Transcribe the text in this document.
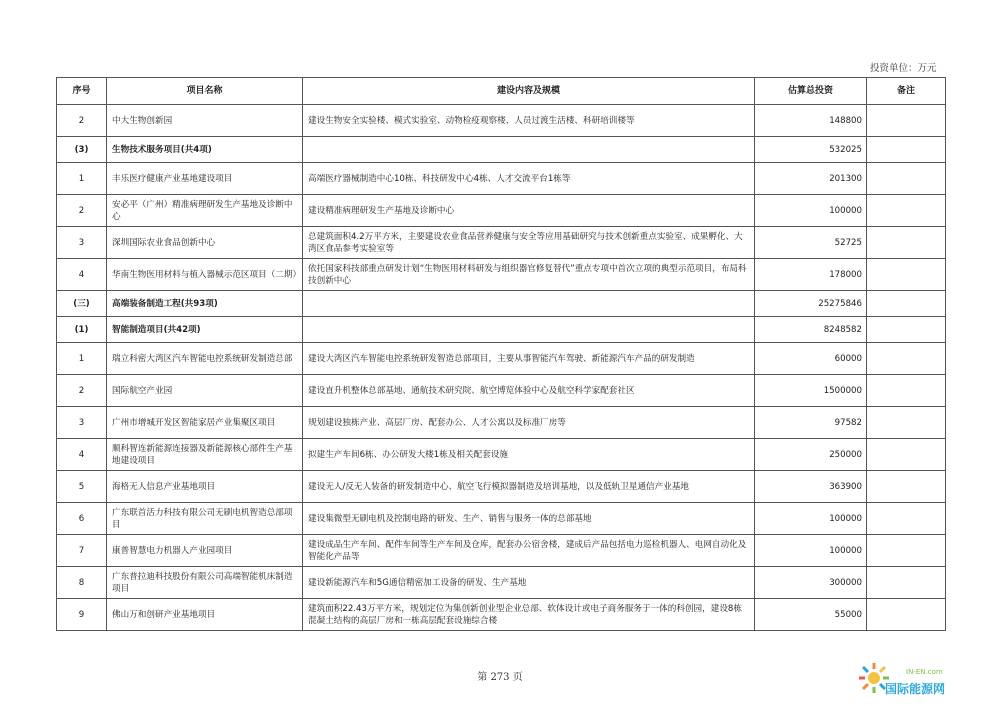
投资单位：万元
序号	项目名称	建设内容及规模	估算总投资	备注
2	中大生物创新园	建设生物安全实验楼、模式实验室、动物检疫观察楼、人员过渡生活楼、科研培训楼等	148800	
(3)	生物技术服务项目(共4项)		532025	
1	丰乐医疗健康产业基地建设项目	高端医疗器械制造中心10栋、科技研发中心4栋、人才交流平台1栋等	201300	
2	安必平（广州）精准病理研发生产基地及诊断中心	建设精准病理研发生产基地及诊断中心	100000	
3	深圳国际农业食品创新中心	总建筑面积4.2万平方米，主要建设农业食品营养健康与安全等应用基础研究与技术创新重点实验室、成果孵化、大湾区食品参考实验室等	52725	
4	华南生物医用材料与植入器械示范区项目（二期）	依托国家科技部重点研发计划“生物医用材料研发与组织器官修复替代”重点专项中首次立项的典型示范项目，布局科技创新中心	178000	
(三)	高端装备制造工程(共93项)		25275846	
(1)	智能制造项目(共42项)		8248582	
1	瑞立科密大湾区汽车智能电控系统研发制造总部	建设大湾区汽车智能电控系统研发智造总部项目，主要从事智能汽车驾驶、新能源汽车产品的研发制造	60000	
2	国际航空产业园	建设直升机整体总部基地、通航技术研究院、航空博览体验中心及航空科学家配套社区	1500000	
3	广州市增城开发区智能家居产业集聚区项目	规划建设独栋产业、高层厂房、配套办公、人才公寓以及标准厂房等	97582	
4	顺科智连新能源连接器及新能源核心部件生产基地建设项目	拟建生产车间6栋、办公研发大楼1栋及相关配套设施	250000	
5	海格无人信息产业基地项目	建设无人/反无人装备的研发制造中心、航空飞行模拟器制造及培训基地，以及低轨卫星通信产业基地	363900	
6	广东联首活力科技有限公司无刷电机智造总部项目	建设集微型无刷电机及控制电路的研发、生产、销售与服务一体的总部基地	100000	
7	康普智慧电力机器人产业园项目	建设成品生产车间、配件车间等生产车间及仓库，配套办公宿舍楼，建成后产品包括电力巡检机器人、电网自动化及智能化产品等	100000	
8	广东普拉迪科技股份有限公司高端智能机床制造项目	建设新能源汽车和5G通信精密加工设备的研发、生产基地	300000	
9	佛山万和创研产业基地项目	建筑面积22.43万平方米，规划定位为集创新创业型企业总部、软体设计或电子商务服务于一体的科创园，建设8栋混凝土结构的高层厂房和一栋高层配套设施综合楼	55000	
第 273 页	IN-EN.com
国际能源网
